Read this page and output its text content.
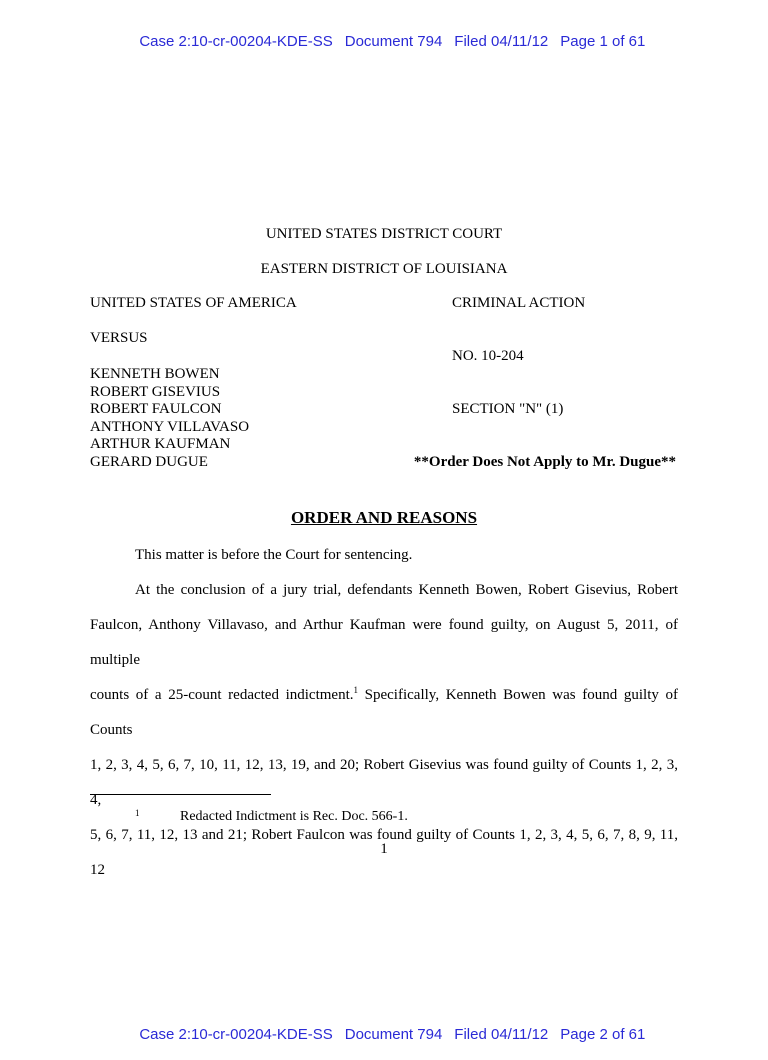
Case 2:10-cr-00204-KDE-SS Document 794 Filed 04/11/12 Page 1 of 61

UNITED STATES DISTRICT COURT
EASTERN DISTRICT OF LOUISIANA
UNITED STATES OF AMERICA	CRIMINAL ACTION
VERSUS
NO. 10-204
KENNETH BOWEN
ROBERT GISEVIUS
ROBERT FAULCON
ANTHONY VILLAVASO
ARTHUR KAUFMAN
GERARD DUGUE
SECTION "N" (1)
**Order Does Not Apply to Mr. Dugue**
ORDER AND REASONS

This matter is before the Court for sentencing.

At the conclusion of a jury trial, defendants Kenneth Bowen, Robert Gisevius, Robert

Faulcon, Anthony Villavaso, and Arthur Kaufman were found guilty, on August 5, 2011, of multiple

counts of a 25-count redacted indictment.$^1$ Specifically, Kenneth Bowen was found guilty of Counts

1, 2, 3, 4, 5, 6, 7, 10, 11, 12, 13, 19, and 20; Robert Gisevius was found guilty of Counts 1, 2, 3, 4,

5, 6, 7, 11, 12, 13 and 21; Robert Faulcon was found guilty of Counts 1, 2, 3, 4, 5, 6, 7, 8, 9, 11, 12

1	Redacted Indictment is Rec. Doc. 566-1.
1

Case 2:10-cr-00204-KDE-SS Document 794 Filed 04/11/12 Page 2 of 61
